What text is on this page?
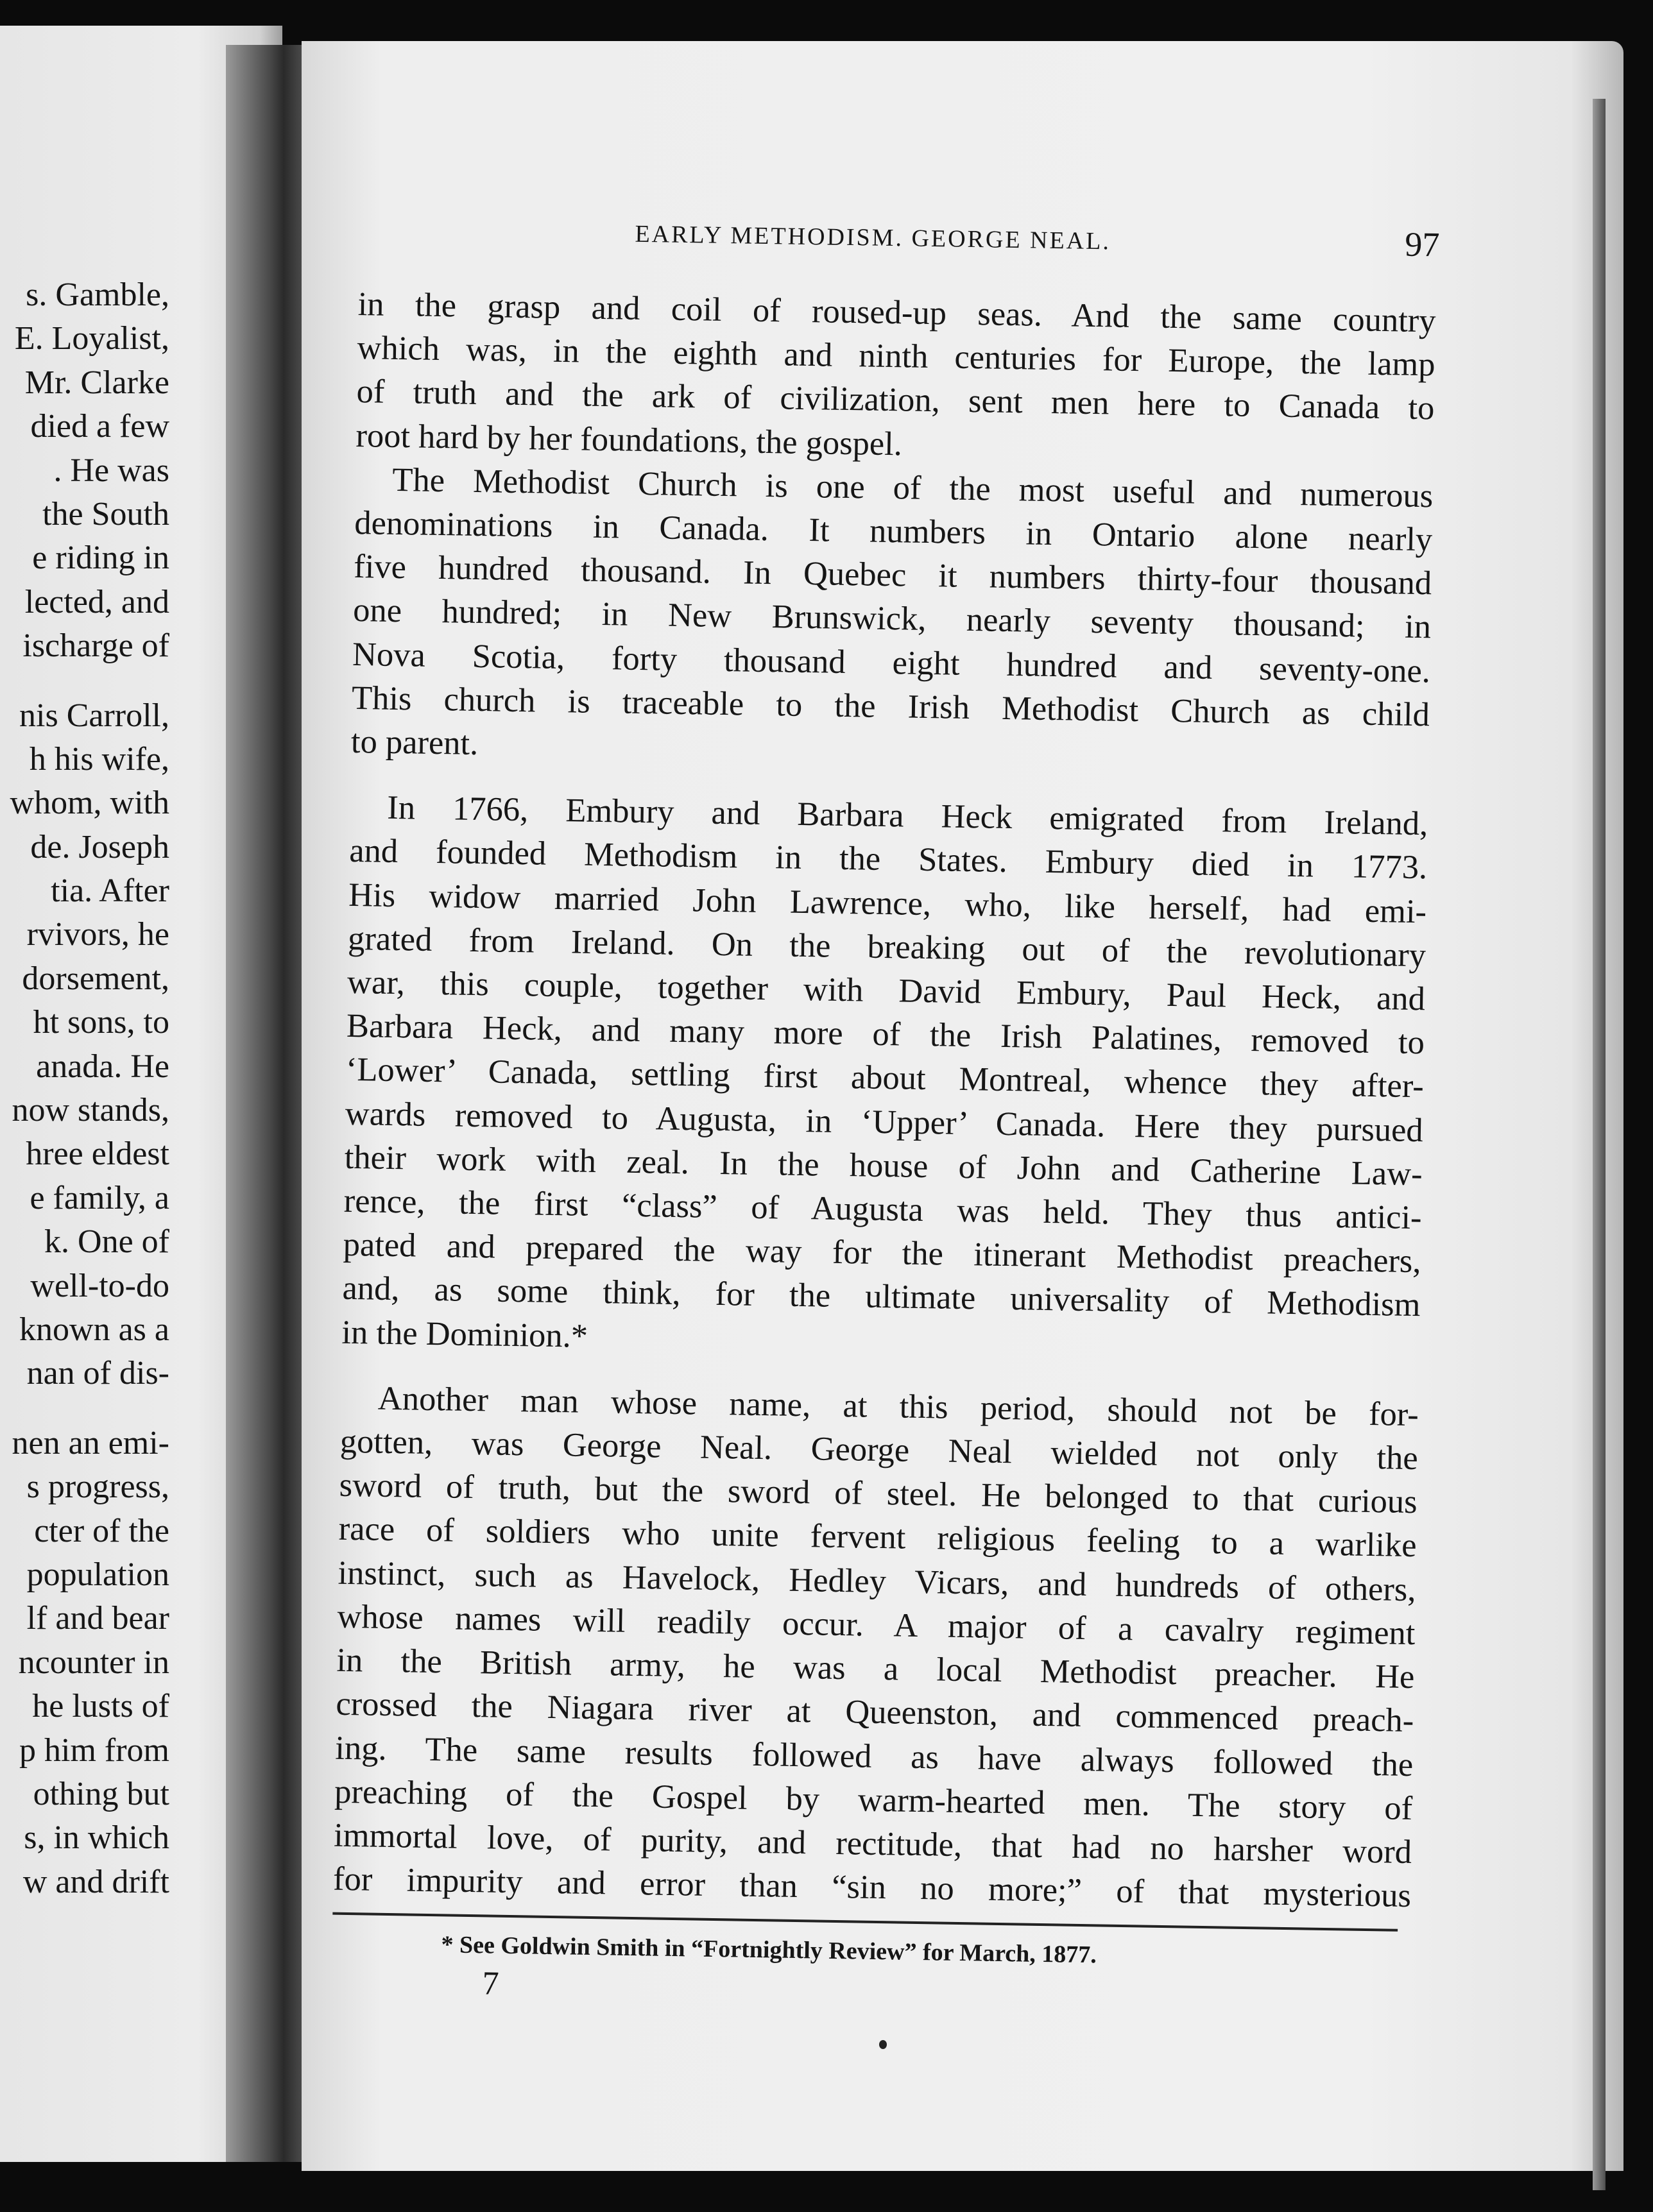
s. Gamble,
E. Loyalist,
Mr. Clarke
died a few
. He was
the South
e riding in
lected, and
ischarge of
nis Carroll,
h his wife,
whom, with
de. Joseph
tia. After
rvivors, he
dorsement,
ht sons, to
anada. He
now stands,
hree eldest
e family, a
k. One of
well-to-do
known as a
nan of dis-
nen an emi-
s progress,
cter of the
population
lf and bear
ncounter in
he lusts of
p him from
othing but
s, in which
w and drift
EARLY METHODISM. GEORGE NEAL.	97

in the grasp and coil of roused-up seas. And the same country
which was, in the eighth and ninth centuries for Europe, the lamp
of truth and the ark of civilization, sent men here to Canada to
root hard by her foundations, the gospel.

The Methodist Church is one of the most useful and numerous
denominations in Canada. It numbers in Ontario alone nearly
five hundred thousand. In Quebec it numbers thirty-four thousand
one hundred; in New Brunswick, nearly seventy thousand; in
Nova Scotia, forty thousand eight hundred and seventy-one.
This church is traceable to the Irish Methodist Church as child
to parent.

In 1766, Embury and Barbara Heck emigrated from Ireland,
and founded Methodism in the States. Embury died in 1773.
His widow married John Lawrence, who, like herself, had emi-
grated from Ireland. On the breaking out of the revolutionary
war, this couple, together with David Embury, Paul Heck, and
Barbara Heck, and many more of the Irish Palatines, removed to
‘Lower’ Canada, settling first about Montreal, whence they after-
wards removed to Augusta, in ‘Upper’ Canada. Here they pursued
their work with zeal. In the house of John and Catherine Law-
rence, the first “class” of Augusta was held. They thus antici-
pated and prepared the way for the itinerant Methodist preachers,
and, as some think, for the ultimate universality of Methodism
in the Dominion.*

Another man whose name, at this period, should not be for-
gotten, was George Neal. George Neal wielded not only the
sword of truth, but the sword of steel. He belonged to that curious
race of soldiers who unite fervent religious feeling to a warlike
instinct, such as Havelock, Hedley Vicars, and hundreds of others,
whose names will readily occur. A major of a cavalry regiment
in the British army, he was a local Methodist preacher. He
crossed the Niagara river at Queenston, and commenced preach-
ing. The same results followed as have always followed the
preaching of the Gospel by warm-hearted men. The story of
immortal love, of purity, and rectitude, that had no harsher word
for impurity and error than “sin no more;” of that mysterious

* See Goldwin Smith in “Fortnightly Review” for March, 1877.
7
